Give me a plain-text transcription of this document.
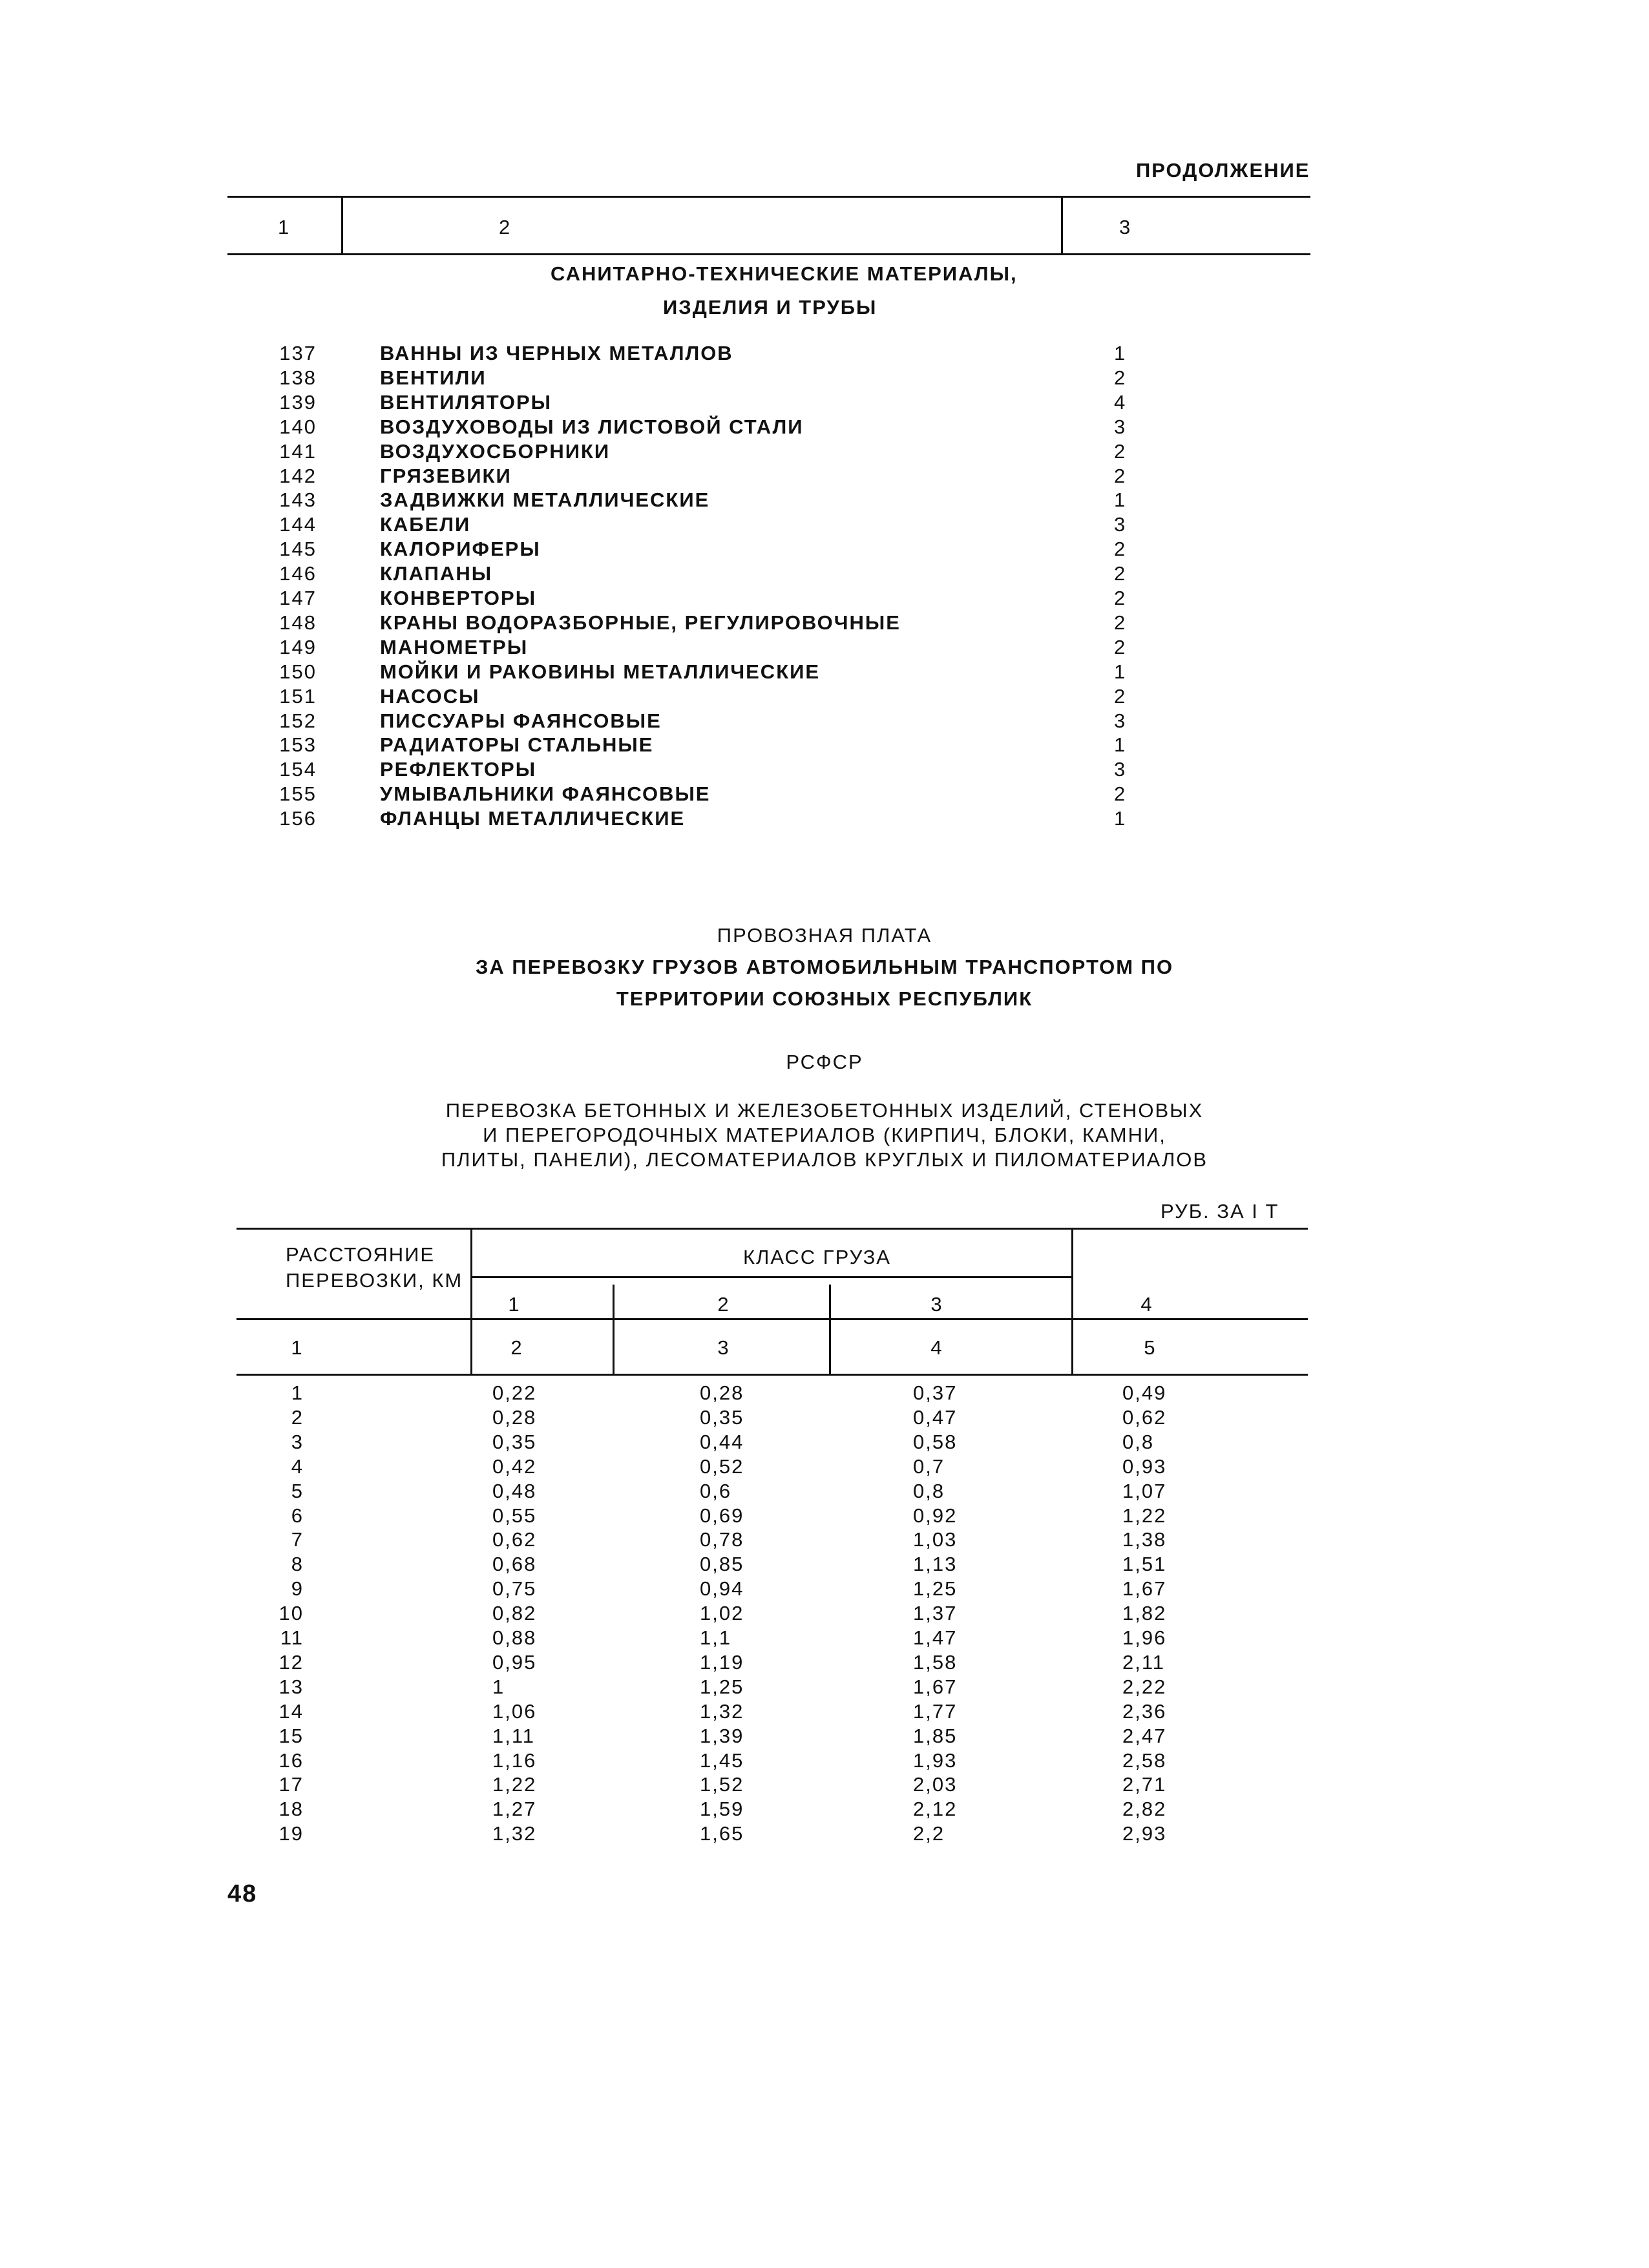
ПРОДОЛЖЕНИЕ
1	2	3
САНИТАРНО-ТЕХНИЧЕСКИЕ МАТЕРИАЛЫ,
ИЗДЕЛИЯ И ТРУБЫ
137	ВАННЫ ИЗ ЧЕРНЫХ МЕТАЛЛОВ	1
138	ВЕНТИЛИ	2
139	ВЕНТИЛЯТОРЫ	4
140	ВОЗДУХОВОДЫ ИЗ ЛИСТОВОЙ СТАЛИ	3
141	ВОЗДУХОСБОРНИКИ	2
142	ГРЯЗЕВИКИ	2
143	ЗАДВИЖКИ МЕТАЛЛИЧЕСКИЕ	1
144	КАБЕЛИ	3
145	КАЛОРИФЕРЫ	2
146	КЛАПАНЫ	2
147	КОНВЕРТОРЫ	2
148	КРАНЫ ВОДОРАЗБОРНЫЕ, РЕГУЛИРОВОЧНЫЕ	2
149	МАНОМЕТРЫ	2
150	МОЙКИ И РАКОВИНЫ МЕТАЛЛИЧЕСКИЕ	1
151	НАСОСЫ	2
152	ПИССУАРЫ ФАЯНСОВЫЕ	3
153	РАДИАТОРЫ СТАЛЬНЫЕ	1
154	РЕФЛЕКТОРЫ	3
155	УМЫВАЛЬНИКИ ФАЯНСОВЫЕ	2
156	ФЛАНЦЫ МЕТАЛЛИЧЕСКИЕ	1
ПРОВОЗНАЯ ПЛАТА
ЗА ПЕРЕВОЗКУ ГРУЗОВ АВТОМОБИЛЬНЫМ ТРАНСПОРТОМ ПО
ТЕРРИТОРИИ СОЮЗНЫХ РЕСПУБЛИК
РСФСР
ПЕРЕВОЗКА БЕТОННЫХ И ЖЕЛЕЗОБЕТОННЫХ ИЗДЕЛИЙ, СТЕНОВЫХ
И ПЕРЕГОРОДОЧНЫХ МАТЕРИАЛОВ (КИРПИЧ, БЛОКИ, КАМНИ,
ПЛИТЫ, ПАНЕЛИ), ЛЕСОМАТЕРИАЛОВ КРУГЛЫХ И ПИЛОМАТЕРИАЛОВ
РУБ. ЗА I Т
РАССТОЯНИЕ
ПЕРЕВОЗКИ, КМ
КЛАСС ГРУЗА
1	2	3	4
1	2	3	4	5
1	0,22	0,28	0,37	0,49
2	0,28	0,35	0,47	0,62
3	0,35	0,44	0,58	0,8
4	0,42	0,52	0,7	0,93
5	0,48	0,6	0,8	1,07
6	0,55	0,69	0,92	1,22
7	0,62	0,78	1,03	1,38
8	0,68	0,85	1,13	1,51
9	0,75	0,94	1,25	1,67
10	0,82	1,02	1,37	1,82
11	0,88	1,1	1,47	1,96
12	0,95	1,19	1,58	2,11
13	1	1,25	1,67	2,22
14	1,06	1,32	1,77	2,36
15	1,11	1,39	1,85	2,47
16	1,16	1,45	1,93	2,58
17	1,22	1,52	2,03	2,71
18	1,27	1,59	2,12	2,82
19	1,32	1,65	2,2	2,93
48
